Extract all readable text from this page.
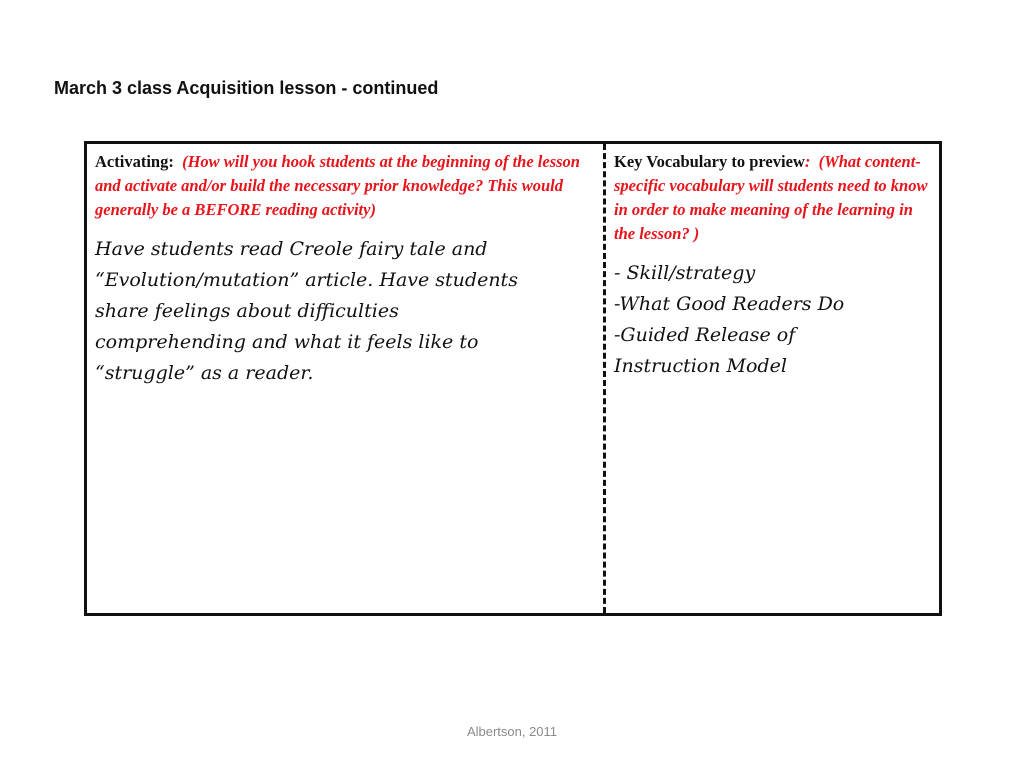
March 3 class Acquisition lesson - continued

Activating: (How will you hook students at the beginning of the lesson and activate and/or build the necessary prior knowledge? This would generally be a BEFORE reading activity)

Have students read Creole fairy tale and
“Evolution/mutation” article. Have students
share feelings about difficulties
comprehending and what it feels like to
“struggle” as a reader.

Key Vocabulary to preview: (What content-specific vocabulary will students need to know in order to make meaning of the learning in the lesson? )

- Skill/strategy
-What Good Readers Do
-Guided Release of
Instruction Model
Albertson, 2011
